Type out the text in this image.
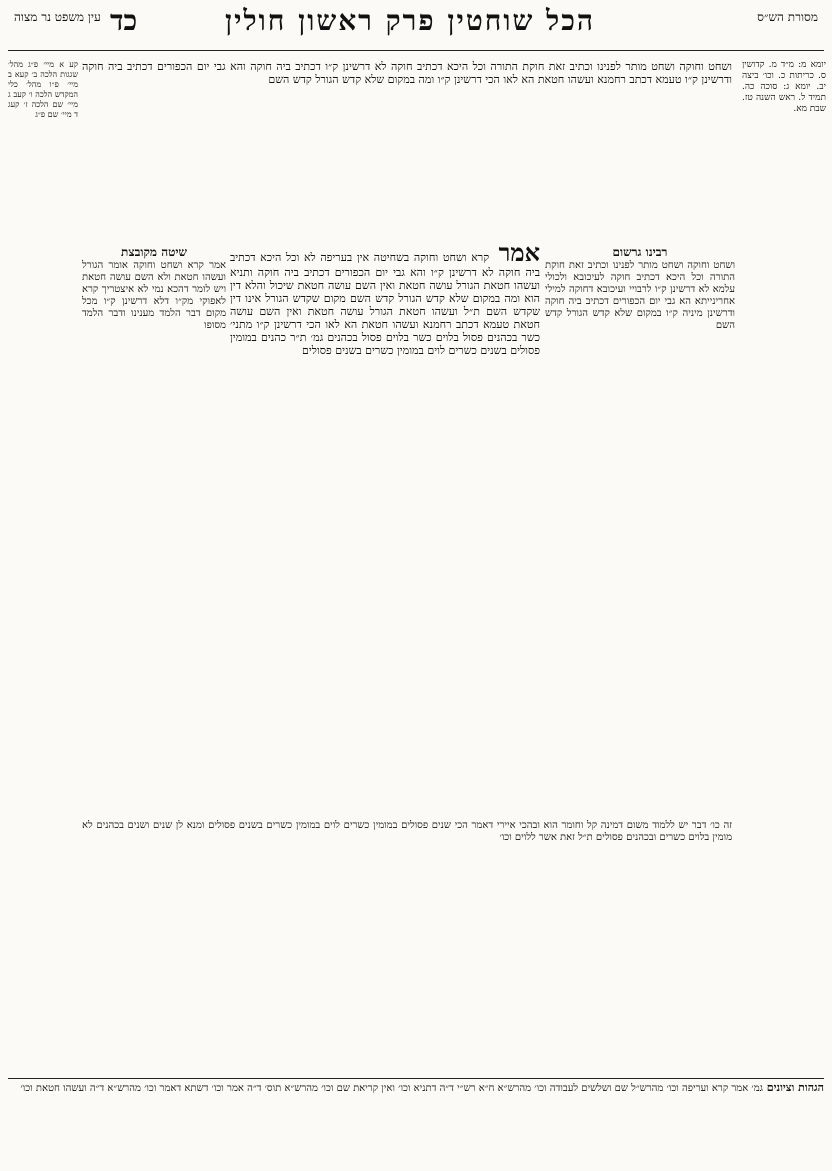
מסורת הש״ס
הכל שוחטין פרק ראשון חולין
כד
עין משפט נר מצוה

ושחט וחוקה ושחט מותר לפנינו וכתיב זאת חוקת התורה וכל היכא דכתיב חוקה לא דרשינן ק״ו דכתיב ביה חוקה והא גבי יום הכפורים דכתיב ביה חוקה ודרשינן ק״ו טעמא דכתב רחמנא ועשהו חטאת הא לאו הכי דרשינן ק״ו ומה במקום שלא קדש הגורל קדש השם

יומא מ: מ״ד מ. קדושין ס. כריתות כ. וכו׳ ביצה יב. יומא ג: סוכה כה. תמיד ל. ראש השנה טז. שבת מא.

רבינו גרשום

ושחט וחוקה ושחט מותר לפנינו וכתיב זאת חוקת התורה וכל היכא דכתיב חוקה לעיכובא ולכולי עלמא לא דרשינן ק״ו לרבויי ועיכובא דחוקה למילי אחרינייתא הא גבי יום הכפורים דכתיב ביה חוקה ודרשינן מיניה ק״ו במקום שלא קדש הגורל קדש השם

אמר קרא ושחט וחוקה בשחיטה אין בעריפה לא וכל היכא דכתיב ביה חוקה לא דרשינן ק״ו והא גבי יום הכפורים דכתיב ביה חוקה ותניא ועשהו חטאת הגורל עושה חטאת ואין השם עושה חטאת שיכול והלא דין הוא ומה במקום שלא קדש הגורל קדש השם מקום שקדש הגורל אינו דין שקדש השם ת״ל ועשהו חטאת הגורל עושה חטאת ואין השם עושה חטאת טעמא דכתב רחמנא ועשהו חטאת הא לאו הכי דרשינן ק״ו מתני׳ כשר בכהנים פסול בלוים כשר בלוים פסול בכהנים גמ׳ ת״ר כהנים במומין פסולים בשנים כשרים לוים במומין כשרים בשנים פסולים
שיטה מקובצת

אמר קרא ושחט וחוקה אומר הגורל ועשהו חטאת ולא השם עושה חטאת ויש לומר דהכא נמי לא איצטריך קרא לאפוקי מק״ו דלא דרשינן ק״ו מכל מקום דבר הלמד מענינו ודבר הלמד מסופו

קע א מיי׳ פ״ג מהל׳ שגגות הלכה ב׳ קעא ב מיי׳ פ״ו מהל׳ כלי המקדש הלכה ו׳ קעב ג מיי׳ שם הלכה ז׳ קעג ד מיי׳ שם פ״ג

זה כו׳ דבר יש ללמוד משום דמינה קל וחומר הוא ובהכי איירי דאמר הכי שנים פסולים במומין כשרים לוים במומין כשרים בשנים פסולים ומנא לן שנים ושנים בכהנים לא מומין בלוים כשרים ובכהנים פסולים ת״ל זאת אשר ללוים וכו׳

הגהות וציונים גמ׳ אמר קרא ועריפה וכו׳ מהרש״ל שם ושלשים לעבודה וכו׳ מהרש״א ח״א רש״י ד״ה דתניא וכו׳ ואין קריאת שם וכו׳ מהרש״א תוס׳ ד״ה אמר וכו׳ דשתא דאמר וכו׳ מהרש״א ד״ה ועשהו חטאת וכו׳
